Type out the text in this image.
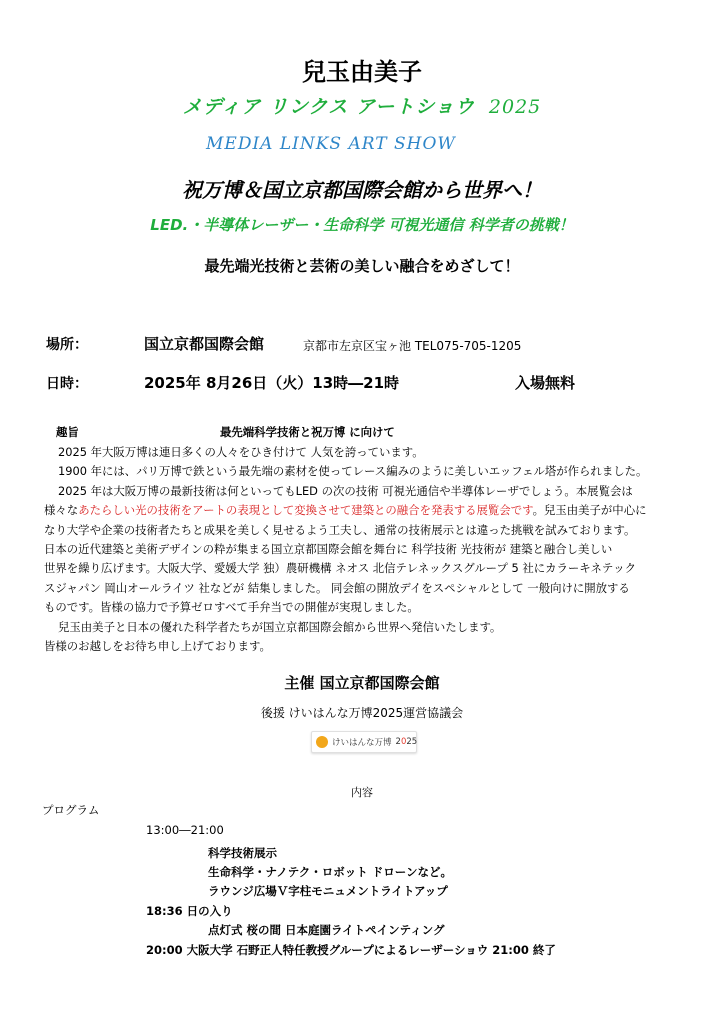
兒玉由美子
メディア リンクス アートショウ 2025
MEDIA LINKS ART SHOW
祝万博＆国立京都国際会館から世界へ！
LED.・半導体レーザー・生命科学 可視光通信 科学者の挑戦！
最先端光技術と芸術の美しい融合をめざして！
場所：	国立京都国際会館	京都市左京区宝ヶ池 TEL075-705-1205
日時：	2025年 8月26日（火）13時―21時	入場無料
趣旨	最先端科学技術と祝万博 に向けて

2025 年大阪万博は連日多くの人々をひき付けて 人気を誇っています。

1900 年には、パリ万博で鉄という最先端の素材を使ってレース編みのように美しいエッフェル塔が作られました。

2025 年は大阪万博の最新技術は何といってもLED の次の技術 可視光通信や半導体レーザでしょう。本展覧会は

様々なあたらしい光の技術をアートの表現として変換させて建築との融合を発表する展覧会です。兒玉由美子が中心に

なり大学や企業の技術者たちと成果を美しく見せるよう工夫し、通常の技術展示とは違った挑戦を試みております。

日本の近代建築と美術デザインの粋が集まる国立京都国際会館を舞台に 科学技術 光技術が 建築と融合し美しい

世界を繰り広げます。大阪大学、愛媛大学 独）農研機構 ネオス 北信テレネックスグループ 5 社にカラーキネテック

スジャパン 岡山オールライツ 社などが 結集しました。 同会館の開放デイをスペシャルとして 一般向けに開放する

ものです。皆様の協力で予算ゼロすべて手弁当での開催が実現しました。

兒玉由美子と日本の優れた科学者たちが国立京都国際会館から世界へ発信いたします。

皆様のお越しをお待ち申し上げております。

主催 国立京都国際会館
後援 けいはんな万博2025運営協議会
けいはんな万博 2025
内容
プログラム
13:00―21:00
科学技術展示
生命科学・ナノテク・ロボット ドローンなど。
ラウンジ広場Ｖ字柱モニュメントライトアップ
18:36 日の入り
点灯式 桜の間 日本庭園ライトペインティング
20:00 大阪大学 石野正人特任教授グループによるレーザーショウ 21:00 終了
